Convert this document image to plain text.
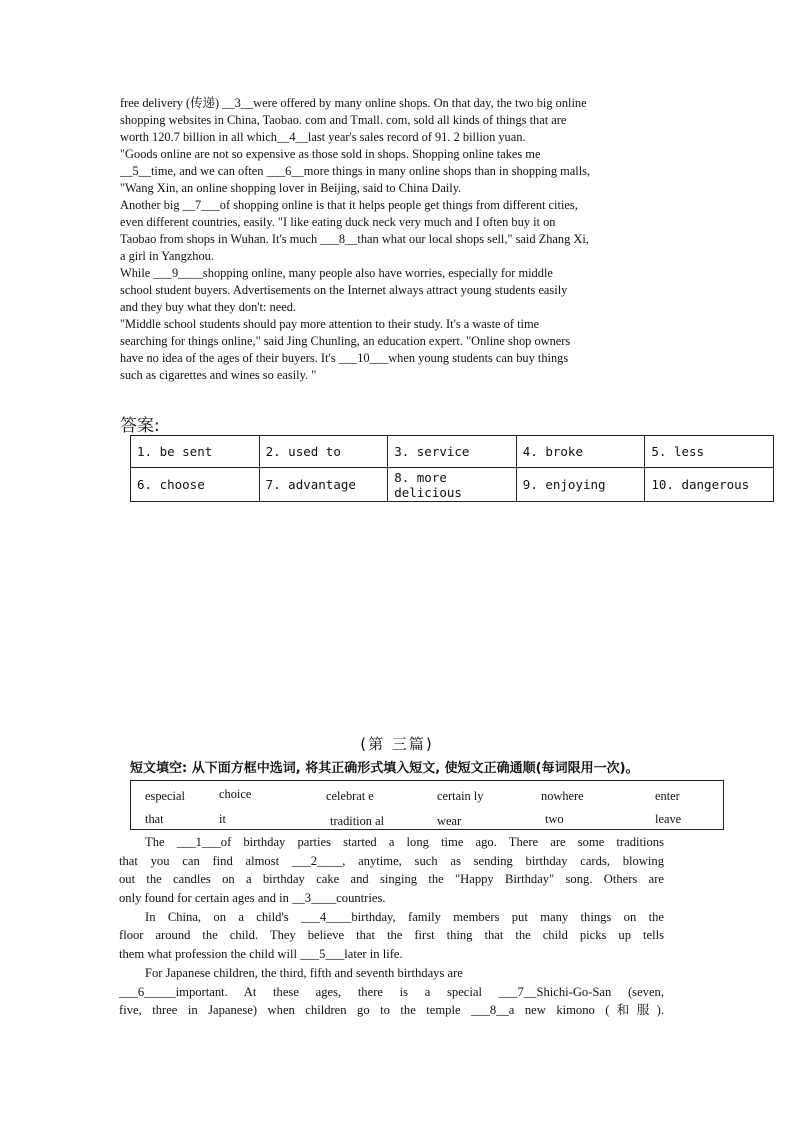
free delivery (传递) __3__were offered by many online shops. On that day, the two big online
shopping websites in China, Taobao. com and Tmall. com, sold all kinds of things that are
worth 120.7 billion in all which__4__last year's sales record of 91. 2 billion yuan.
"Goods online are not so expensive as those sold in shops. Shopping online takes me
__5__time, and we can often ___6__more things in many online shops than in shopping malls,
"Wang Xin, an online shopping lover in Beijing, said to China Daily.
Another big __7___of shopping online is that it helps people get things from different cities,
even different countries, easily. "I like eating duck neck very much and I often buy it on
Taobao from shops in Wuhan. It's much ___8__than what our local shops sell," said Zhang Xi,
a girl in Yangzhou.
While ___9____shopping online, many people also have worries, especially for middle
school student buyers. Advertisements on the Internet always attract young students easily
and they buy what they don't: need.
"Middle school students should pay more attention to their study. It's a waste of time
searching for things online," said Jing Chunling, an education expert. "Online shop owners
have no idea of the ages of their buyers. It's ___10___when young students can buy things
such as cigarettes and wines so easily. "
答案:
1. be sent	2. used to	3. service	4. broke	5. less
6. choose	7. advantage	8. more delicious	9. enjoying	10. dangerous
(第 三篇)
短文填空: 从下面方框中选词, 将其正确形式填入短文, 使短文正确通顺(每词限用一次)。
especial	choice	celebrat e	certain ly	nowhere	enter
that	it	tradition al	wear	two	leave
The ___1___of birthday parties started a long time ago. There are some traditions
that you can find almost ___2____, anytime, such as sending birthday cards, blowing
out the candles on a birthday cake and singing the "Happy Birthday" song. Others are
only found for certain ages and in __3____countries.
In China, on a child's ___4____birthday, family members put many things on the
floor around the child. They believe that the first thing that the child picks up tells
them what profession the child will ___5___later in life.
For Japanese children, the third, fifth and seventh birthdays are
___6_____important. At these ages, there is a special ___7__Shichi-Go-San (seven,
five, three in Japanese) when children go to the temple ___8__a new kimono (和服).
